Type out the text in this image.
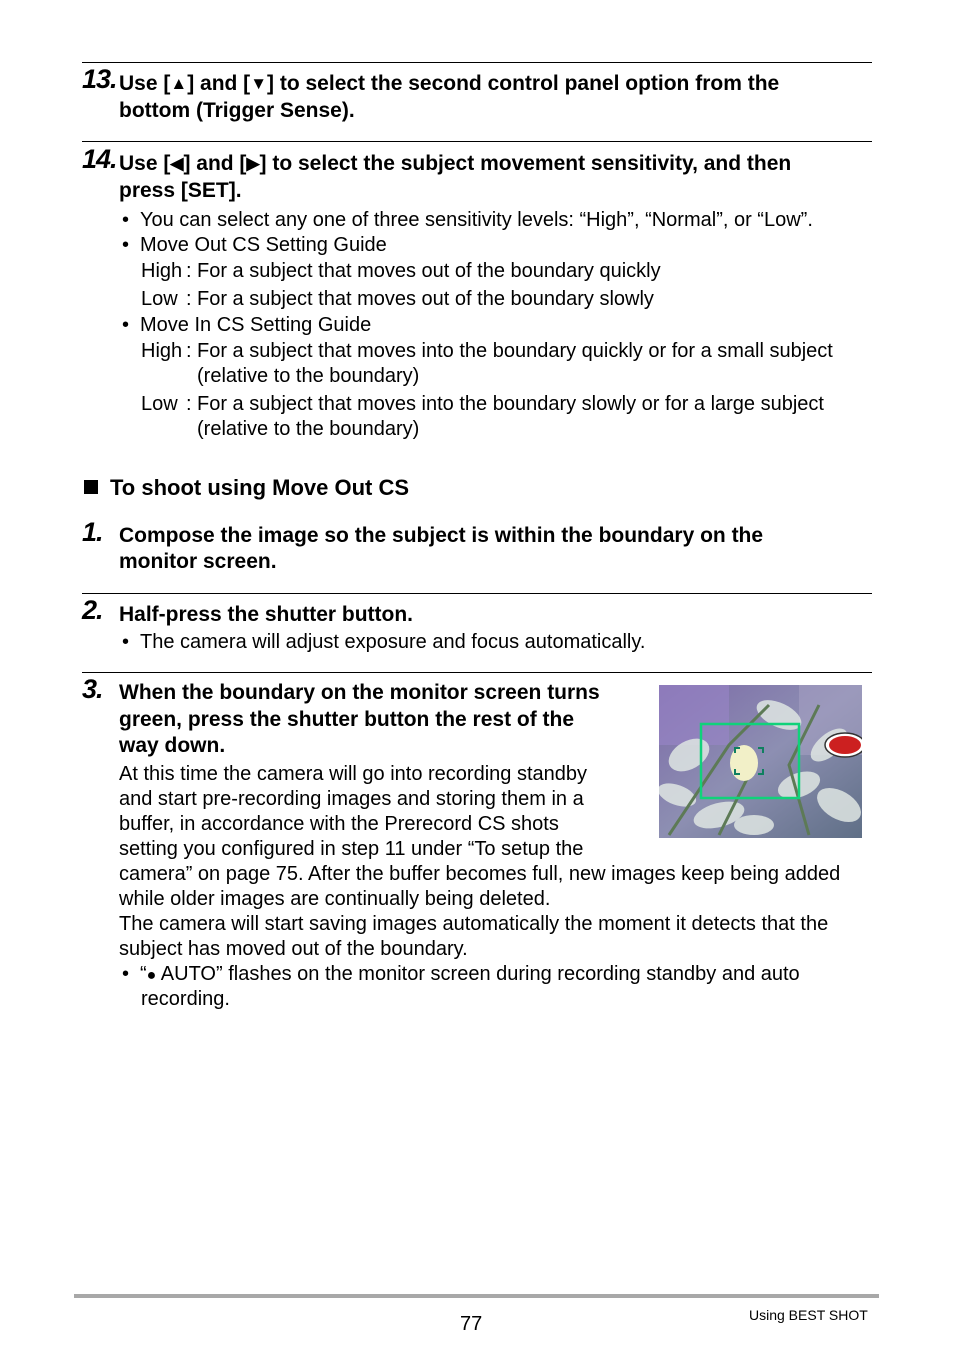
13. Use [▲] and [▼] to select the second control panel option from the
bottom (Trigger Sense).
14. Use [◀] and [▶] to select the subject movement sensitivity, and then
press [SET].
• You can select any one of three sensitivity levels: “High”, “Normal”, or “Low”.
• Move Out CS Setting Guide
High : For a subject that moves out of the boundary quickly
Low : For a subject that moves out of the boundary slowly
• Move In CS Setting Guide
High : For a subject that moves into the boundary quickly or for a small subject
(relative to the boundary)
Low : For a subject that moves into the boundary slowly or for a large subject
(relative to the boundary)
To shoot using Move Out CS
1. Compose the image so the subject is within the boundary on the
monitor screen.
2. Half-press the shutter button.
• The camera will adjust exposure and focus automatically.
3. When the boundary on the monitor screen turns
green, press the shutter button the rest of the
way down.
At this time the camera will go into recording standby
and start pre-recording images and storing them in a
buffer, in accordance with the Prerecord CS shots
setting you configured in step 11 under “To setup the
camera” on page 75. After the buffer becomes full, new images keep being added
while older images are continually being deleted.
The camera will start saving images automatically the moment it detects that the
subject has moved out of the boundary.
• “● AUTO” flashes on the monitor screen during recording standby and auto
recording.
77	Using BEST SHOT
